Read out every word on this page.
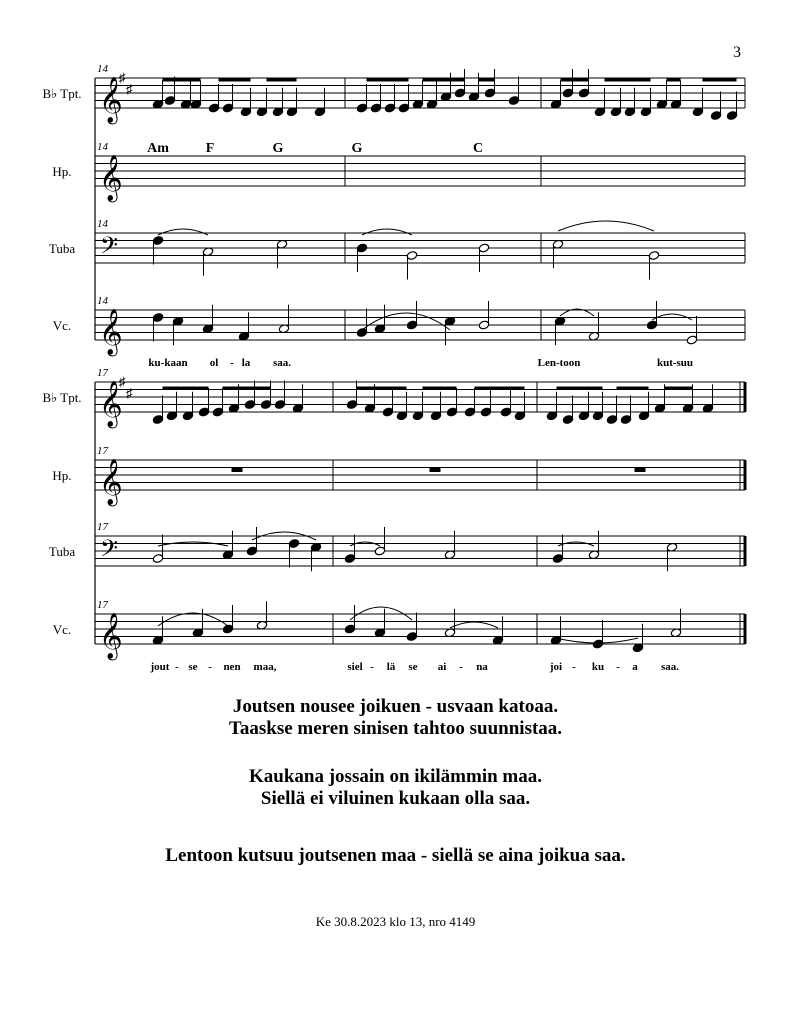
3
B♭ Tpt.
14
𝄞
♯
♯
Hp.
14
𝄞
Am	F	G	G	C
Tuba
14
𝄢
Vc.
14
𝄞
ku-kaan ol - la saa.	Len-toon	kut-suu
B♭ Tpt.
17
𝄞
♯
♯
Hp.
17
𝄞
Tuba
17
𝄢
Vc.
17
𝄞
jout - se - nen maa,	siel - lä se ai - na	joi - ku - a saa.
Joutsen nousee joikuen - usvaan katoaa.
Taaskse meren sinisen tahtoo suunnistaa.
Kaukana jossain on ikilämmin maa.
Siellä ei viluinen kukaan olla saa.
Lentoon kutsuu joutsenen maa - siellä se aina joikua saa.
Ke 30.8.2023 klo 13, nro 4149
